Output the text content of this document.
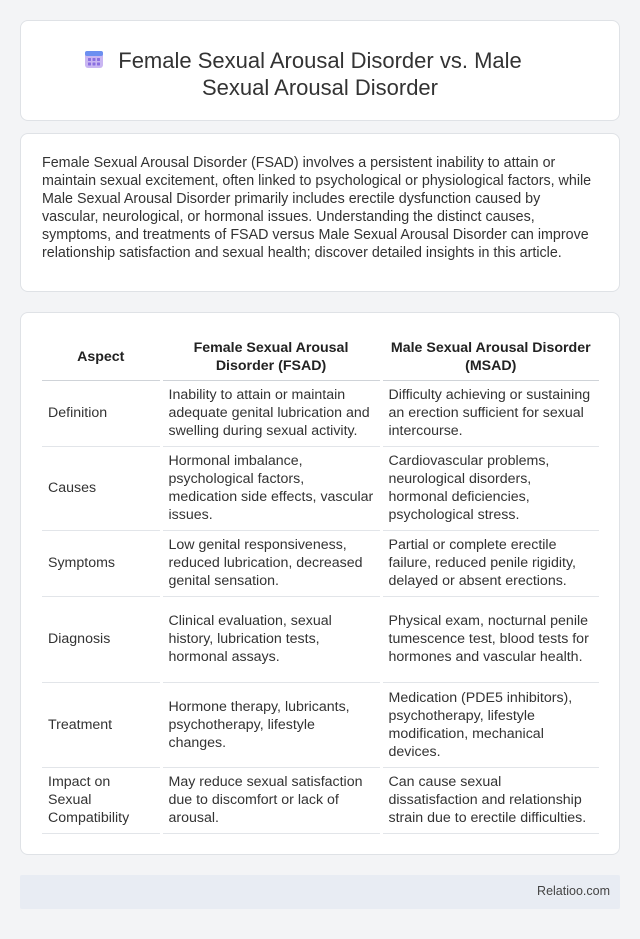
Female Sexual Arousal Disorder vs. Male
Sexual Arousal Disorder

Female Sexual Arousal Disorder (FSAD) involves a persistent inability to attain or maintain sexual excitement, often linked to psychological or physiological factors, while Male Sexual Arousal Disorder primarily includes erectile dysfunction caused by vascular, neurological, or hormonal issues. Understanding the distinct causes, symptoms, and treatments of FSAD versus Male Sexual Arousal Disorder can improve relationship satisfaction and sexual health; discover detailed insights in this article.

Aspect	Female Sexual Arousal Disorder (FSAD)	Male Sexual Arousal Disorder (MSAD)
Definition	Inability to attain or maintain adequate genital lubrication and swelling during sexual activity.	Difficulty achieving or sustaining an erection sufficient for sexual intercourse.
Causes	Hormonal imbalance, psychological factors, medication side effects, vascular issues.	Cardiovascular problems, neurological disorders, hormonal deficiencies, psychological stress.
Symptoms	Low genital responsiveness, reduced lubrication, decreased genital sensation.	Partial or complete erectile failure, reduced penile rigidity, delayed or absent erections.
Diagnosis	Clinical evaluation, sexual history, lubrication tests, hormonal assays.	Physical exam, nocturnal penile tumescence test, blood tests for hormones and vascular health.
Treatment	Hormone therapy, lubricants, psychotherapy, lifestyle changes.	Medication (PDE5 inhibitors), psychotherapy, lifestyle modification, mechanical devices.
Impact on Sexual Compatibility	May reduce sexual satisfaction due to discomfort or lack of arousal.	Can cause sexual dissatisfaction and relationship strain due to erectile difficulties.
Relatioo.com
